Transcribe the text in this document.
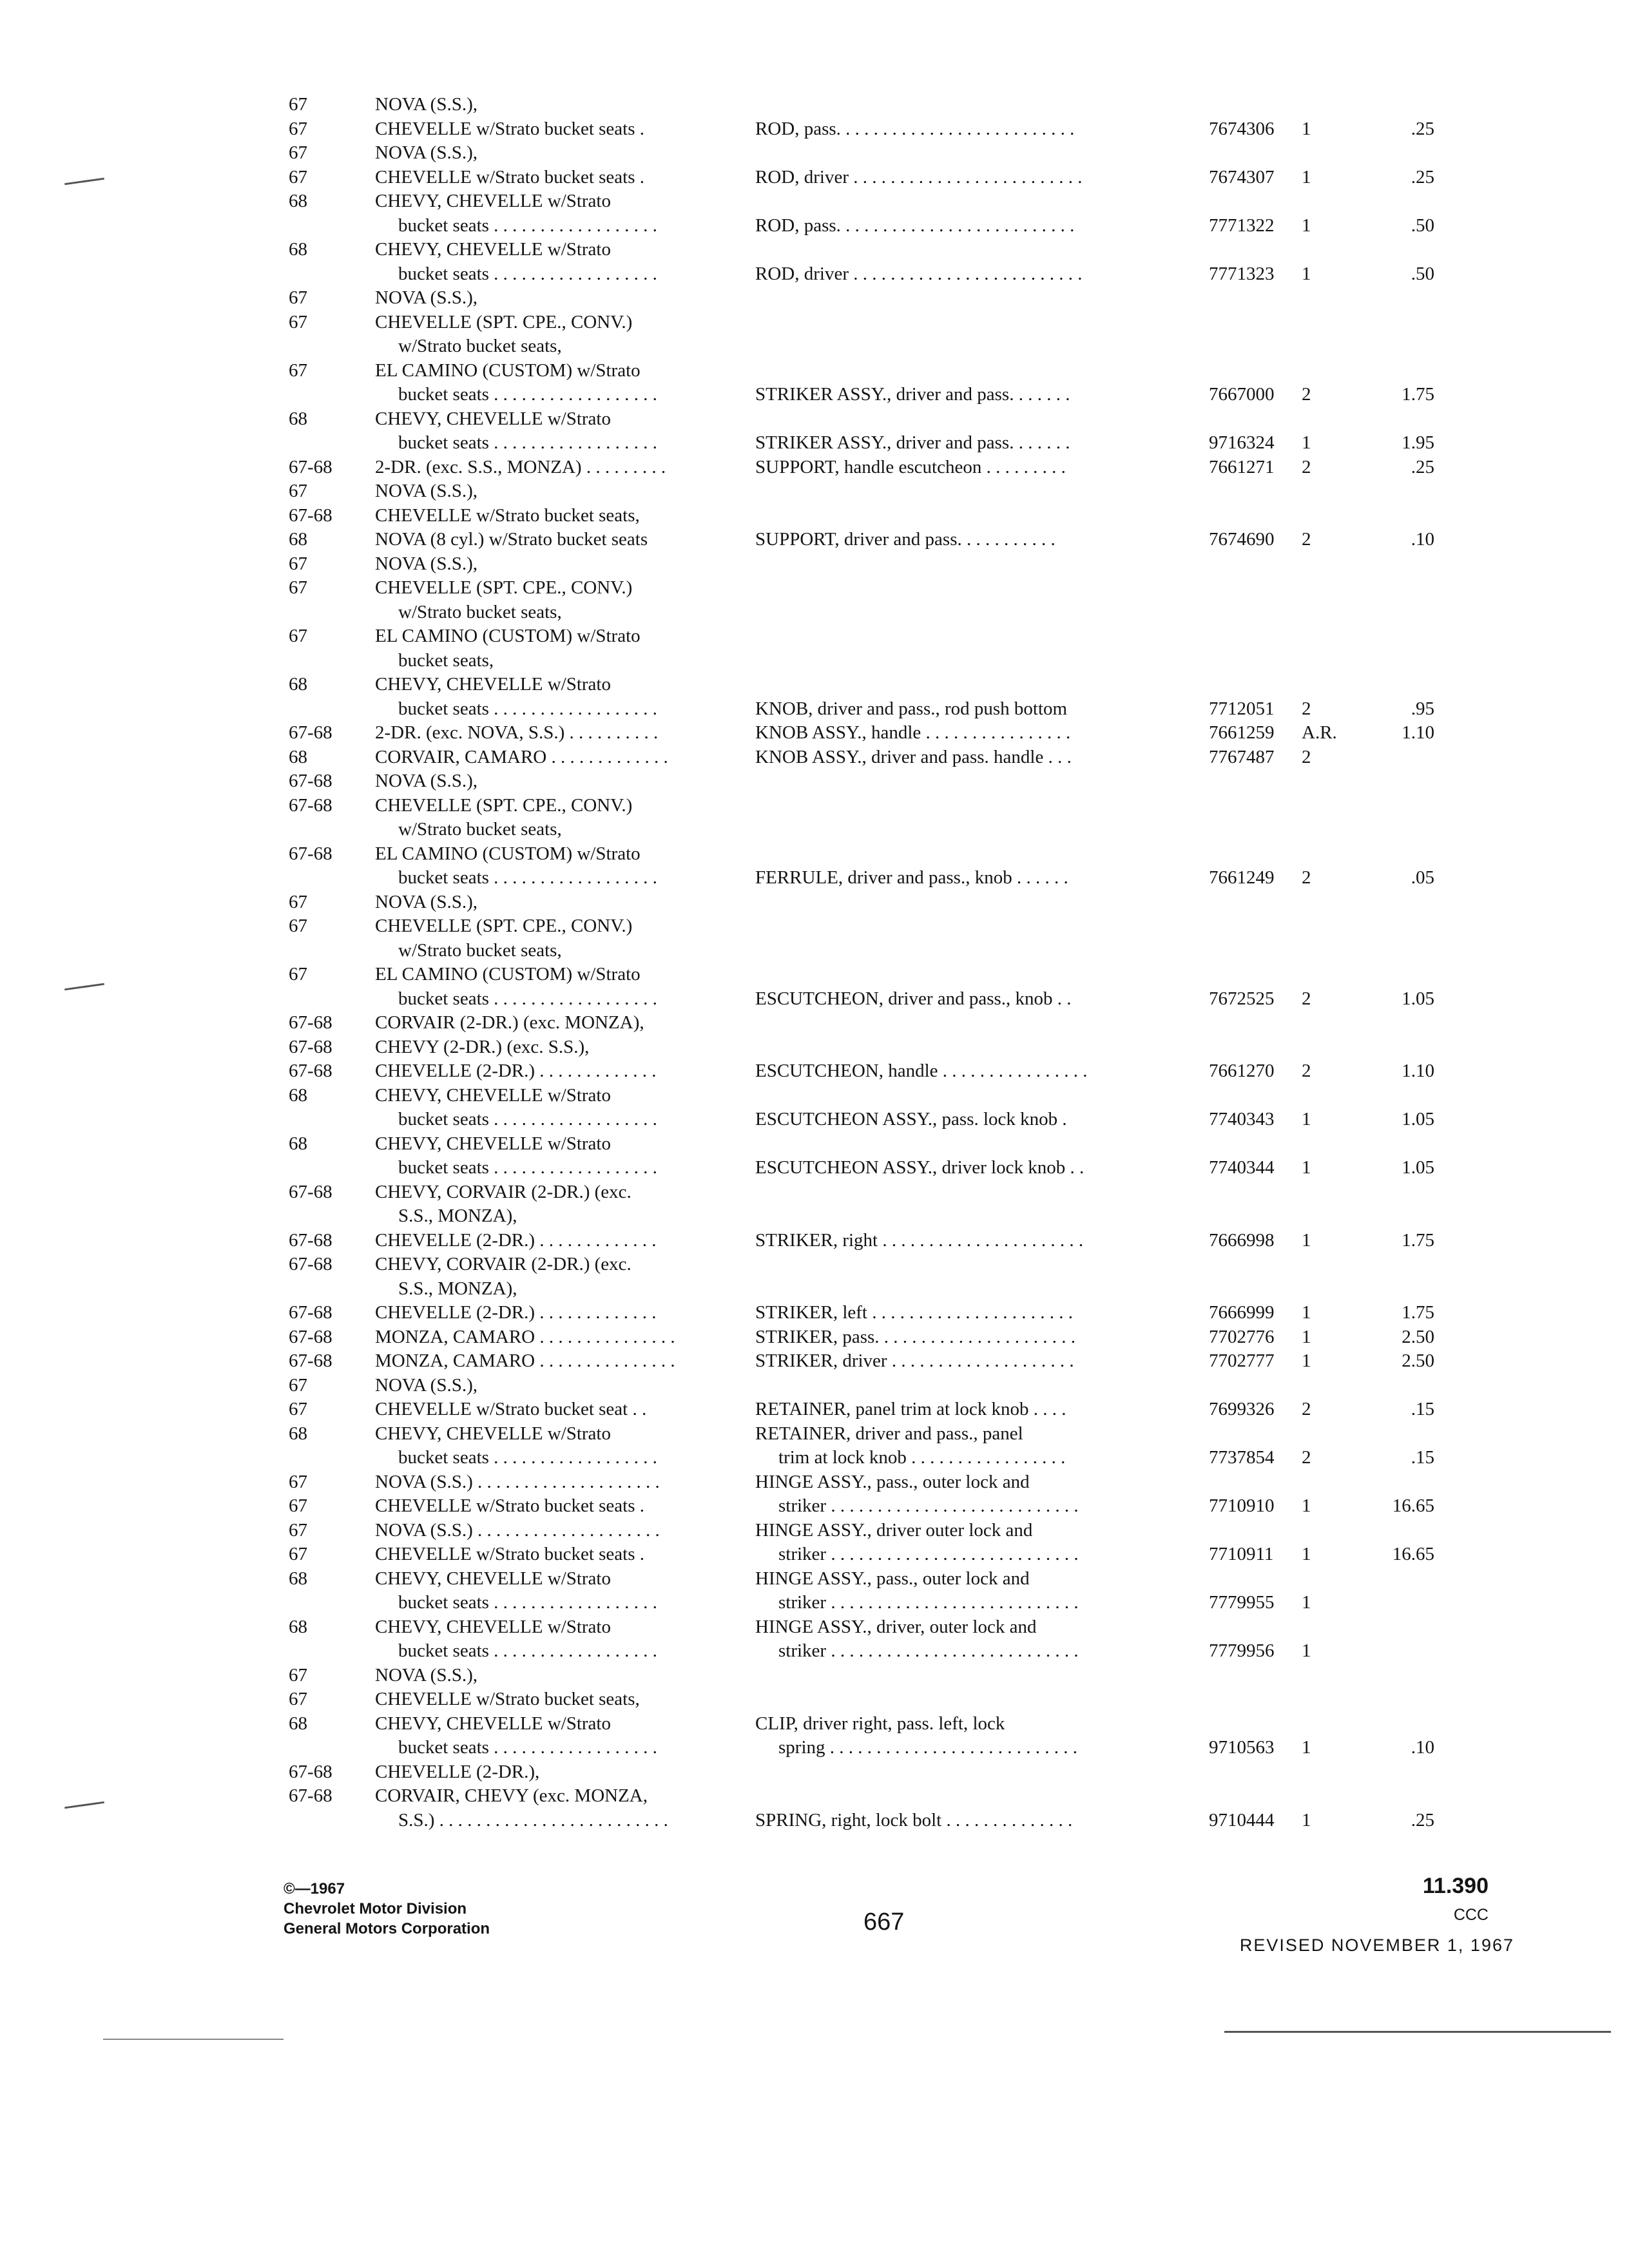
67	NOVA (S.S.),
67	CHEVELLE w/Strato bucket seats .	ROD, pass. . . . . . . . . . . . . . . . . . . . . . . . . .	7674306 1	.25
67	NOVA (S.S.),
67	CHEVELLE w/Strato bucket seats .	ROD, driver . . . . . . . . . . . . . . . . . . . . . . . . .	7674307 1	.25
68	CHEVY, CHEVELLE w/Strato
bucket seats . . . . . . . . . . . . . . . . . .	ROD, pass. . . . . . . . . . . . . . . . . . . . . . . . . .	7771322 1	.50
68	CHEVY, CHEVELLE w/Strato
bucket seats . . . . . . . . . . . . . . . . . .	ROD, driver . . . . . . . . . . . . . . . . . . . . . . . . .	7771323 1	.50
67	NOVA (S.S.),
67	CHEVELLE (SPT. CPE., CONV.)
w/Strato bucket seats,
67	EL CAMINO (CUSTOM) w/Strato
bucket seats . . . . . . . . . . . . . . . . . .	STRIKER ASSY., driver and pass. . . . . . .	7667000 2	1.75
68	CHEVY, CHEVELLE w/Strato
bucket seats . . . . . . . . . . . . . . . . . .	STRIKER ASSY., driver and pass. . . . . . .	9716324 1	1.95
67-68 2-DR. (exc. S.S., MONZA) . . . . . . . . .	SUPPORT, handle escutcheon . . . . . . . . .	7661271 2	.25
67	NOVA (S.S.),
67-68 CHEVELLE w/Strato bucket seats,
68	NOVA (8 cyl.) w/Strato bucket seats	SUPPORT, driver and pass. . . . . . . . . . .	7674690 2	.10
67	NOVA (S.S.),
67	CHEVELLE (SPT. CPE., CONV.)
w/Strato bucket seats,
67	EL CAMINO (CUSTOM) w/Strato
bucket seats,
68	CHEVY, CHEVELLE w/Strato
bucket seats . . . . . . . . . . . . . . . . . .	KNOB, driver and pass., rod push bottom	7712051 2	.95
67-68 2-DR. (exc. NOVA, S.S.) . . . . . . . . . .	KNOB ASSY., handle . . . . . . . . . . . . . . . .	7661259 A.R.	1.10
68	CORVAIR, CAMARO . . . . . . . . . . . . .	KNOB ASSY., driver and pass. handle . . .	7767487 2
67-68 NOVA (S.S.),
67-68 CHEVELLE (SPT. CPE., CONV.)
w/Strato bucket seats,
67-68 EL CAMINO (CUSTOM) w/Strato
bucket seats . . . . . . . . . . . . . . . . . .	FERRULE, driver and pass., knob . . . . . .	7661249 2	.05
67	NOVA (S.S.),
67	CHEVELLE (SPT. CPE., CONV.)
w/Strato bucket seats,
67	EL CAMINO (CUSTOM) w/Strato
bucket seats . . . . . . . . . . . . . . . . . .	ESCUTCHEON, driver and pass., knob . .	7672525 2	1.05
67-68 CORVAIR (2-DR.) (exc. MONZA),
67-68 CHEVY (2-DR.) (exc. S.S.),
67-68 CHEVELLE (2-DR.) . . . . . . . . . . . . .	ESCUTCHEON, handle . . . . . . . . . . . . . . . .	7661270 2	1.10
68	CHEVY, CHEVELLE w/Strato
bucket seats . . . . . . . . . . . . . . . . . .	ESCUTCHEON ASSY., pass. lock knob .	7740343 1	1.05
68	CHEVY, CHEVELLE w/Strato
bucket seats . . . . . . . . . . . . . . . . . .	ESCUTCHEON ASSY., driver lock knob . .	7740344 1	1.05
67-68 CHEVY, CORVAIR (2-DR.) (exc.
S.S., MONZA),
67-68 CHEVELLE (2-DR.) . . . . . . . . . . . . .	STRIKER, right . . . . . . . . . . . . . . . . . . . . . .	7666998 1	1.75
67-68 CHEVY, CORVAIR (2-DR.) (exc.
S.S., MONZA),
67-68 CHEVELLE (2-DR.) . . . . . . . . . . . . .	STRIKER, left . . . . . . . . . . . . . . . . . . . . . .	7666999 1	1.75
67-68 MONZA, CAMARO . . . . . . . . . . . . . . .	STRIKER, pass. . . . . . . . . . . . . . . . . . . . . .	7702776 1	2.50
67-68 MONZA, CAMARO . . . . . . . . . . . . . . .	STRIKER, driver . . . . . . . . . . . . . . . . . . . .	7702777 1	2.50
67	NOVA (S.S.),
67	CHEVELLE w/Strato bucket seat . .	RETAINER, panel trim at lock knob . . . .	7699326 2	.15
68	CHEVY, CHEVELLE w/Strato	RETAINER, driver and pass., panel
bucket seats . . . . . . . . . . . . . . . . . .	trim at lock knob . . . . . . . . . . . . . . . . .	7737854 2	.15
67	NOVA (S.S.) . . . . . . . . . . . . . . . . . . . .	HINGE ASSY., pass., outer lock and
67	CHEVELLE w/Strato bucket seats .	striker . . . . . . . . . . . . . . . . . . . . . . . . . . .	7710910 1	16.65
67	NOVA (S.S.) . . . . . . . . . . . . . . . . . . . .	HINGE ASSY., driver outer lock and
67	CHEVELLE w/Strato bucket seats .	striker . . . . . . . . . . . . . . . . . . . . . . . . . . .	7710911 1	16.65
68	CHEVY, CHEVELLE w/Strato	HINGE ASSY., pass., outer lock and
bucket seats . . . . . . . . . . . . . . . . . .	striker . . . . . . . . . . . . . . . . . . . . . . . . . . .	7779955 1
68	CHEVY, CHEVELLE w/Strato	HINGE ASSY., driver, outer lock and
bucket seats . . . . . . . . . . . . . . . . . .	striker . . . . . . . . . . . . . . . . . . . . . . . . . . .	7779956 1
67	NOVA (S.S.),
67	CHEVELLE w/Strato bucket seats,
68	CHEVY, CHEVELLE w/Strato	CLIP, driver right, pass. left, lock
bucket seats . . . . . . . . . . . . . . . . . .	spring . . . . . . . . . . . . . . . . . . . . . . . . . . .	9710563 1	.10
67-68 CHEVELLE (2-DR.),
67-68 CORVAIR, CHEVY (exc. MONZA,
S.S.) . . . . . . . . . . . . . . . . . . . . . . . . .	SPRING, right, lock bolt . . . . . . . . . . . . . .	9710444 1	.25
©—1967
Chevrolet Motor Division
General Motors Corporation	667
11.390
CCC
REVISED NOVEMBER 1, 1967
